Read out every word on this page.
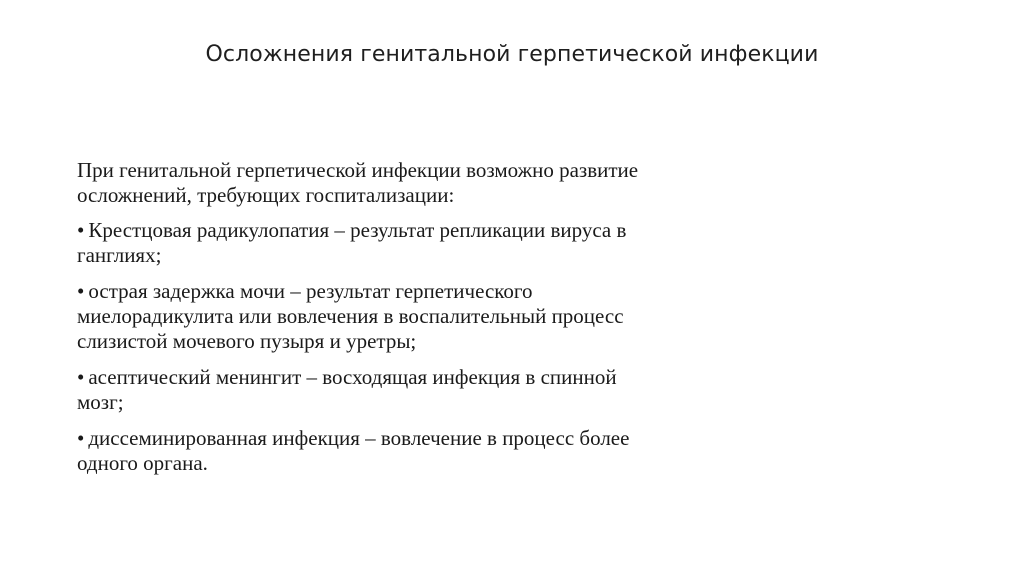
Осложнения генитальной герпетической инфекции

При генитальной герпетической инфекции возможно развитие осложнений, требующих госпитализации:

• Крестцовая радикулопатия – результат репликации вируса в ганглиях;
• острая задержка мочи – результат герпетического миелорадикулита или вовлечения в воспалительный процесс слизистой мочевого пузыря и уретры;
• асептический менингит – восходящая инфекция в спинной мозг;
• диссеминированная инфекция – вовлечение в процесс более одного органа.
